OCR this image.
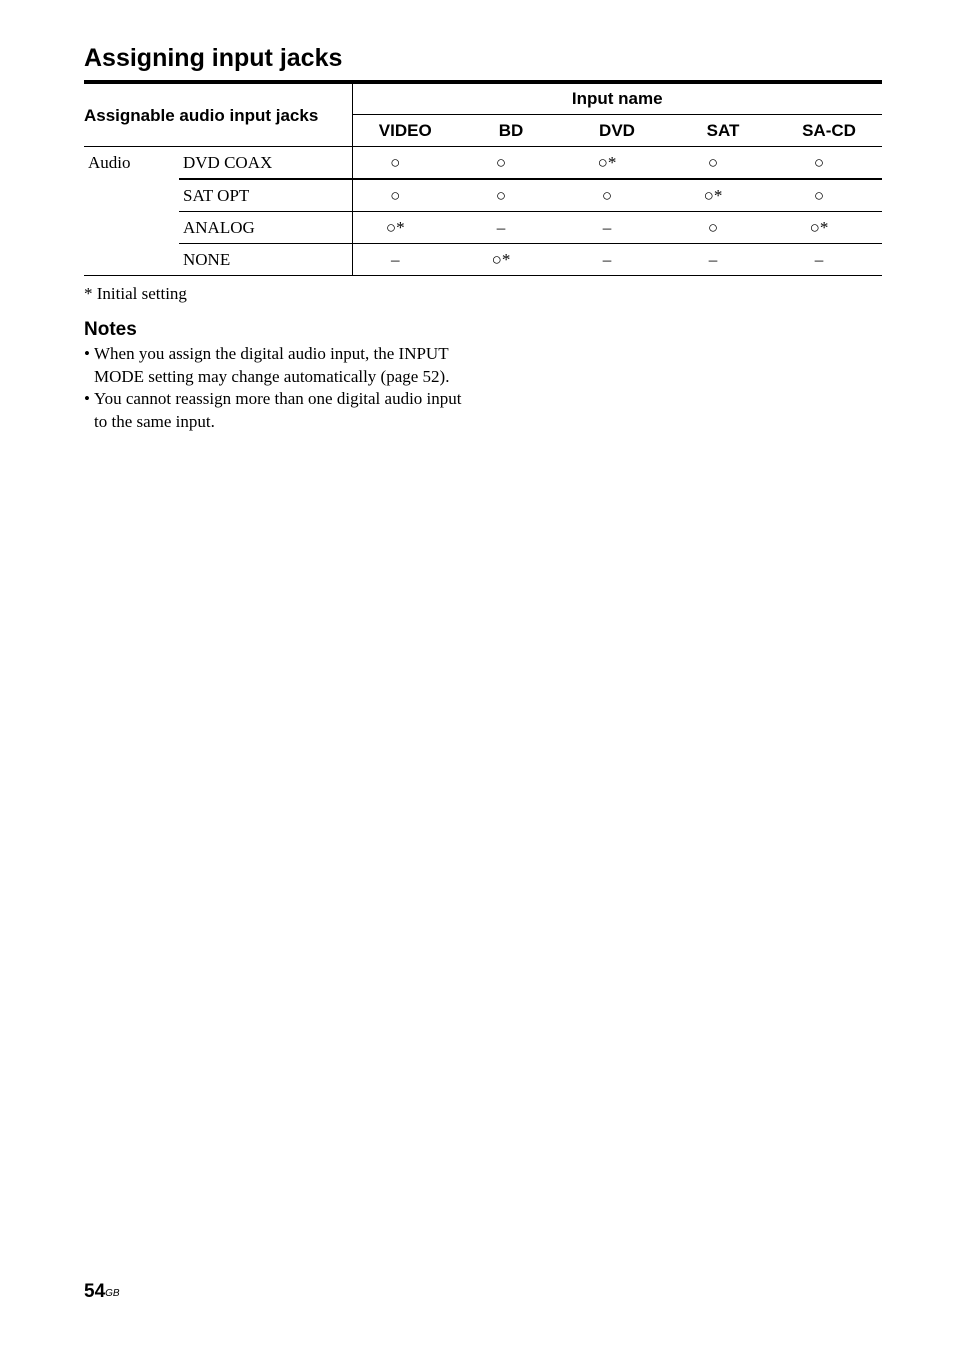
Assigning input jacks
Assignable audio input jacks		Input name				
		VIDEO	BD	DVD	SAT	SA-CD
Audio	DVD COAX	○	○	○*	○	○
	SAT OPT	○	○	○	○*	○
	ANALOG	○*	–	–	○	○*
	NONE	–	○*	–	–	–

* Initial setting

Notes
• When you assign the digital audio input, the INPUT MODE setting may change automatically (page 52).
• You cannot reassign more than one digital audio input to the same input.
$54^{GB}$
